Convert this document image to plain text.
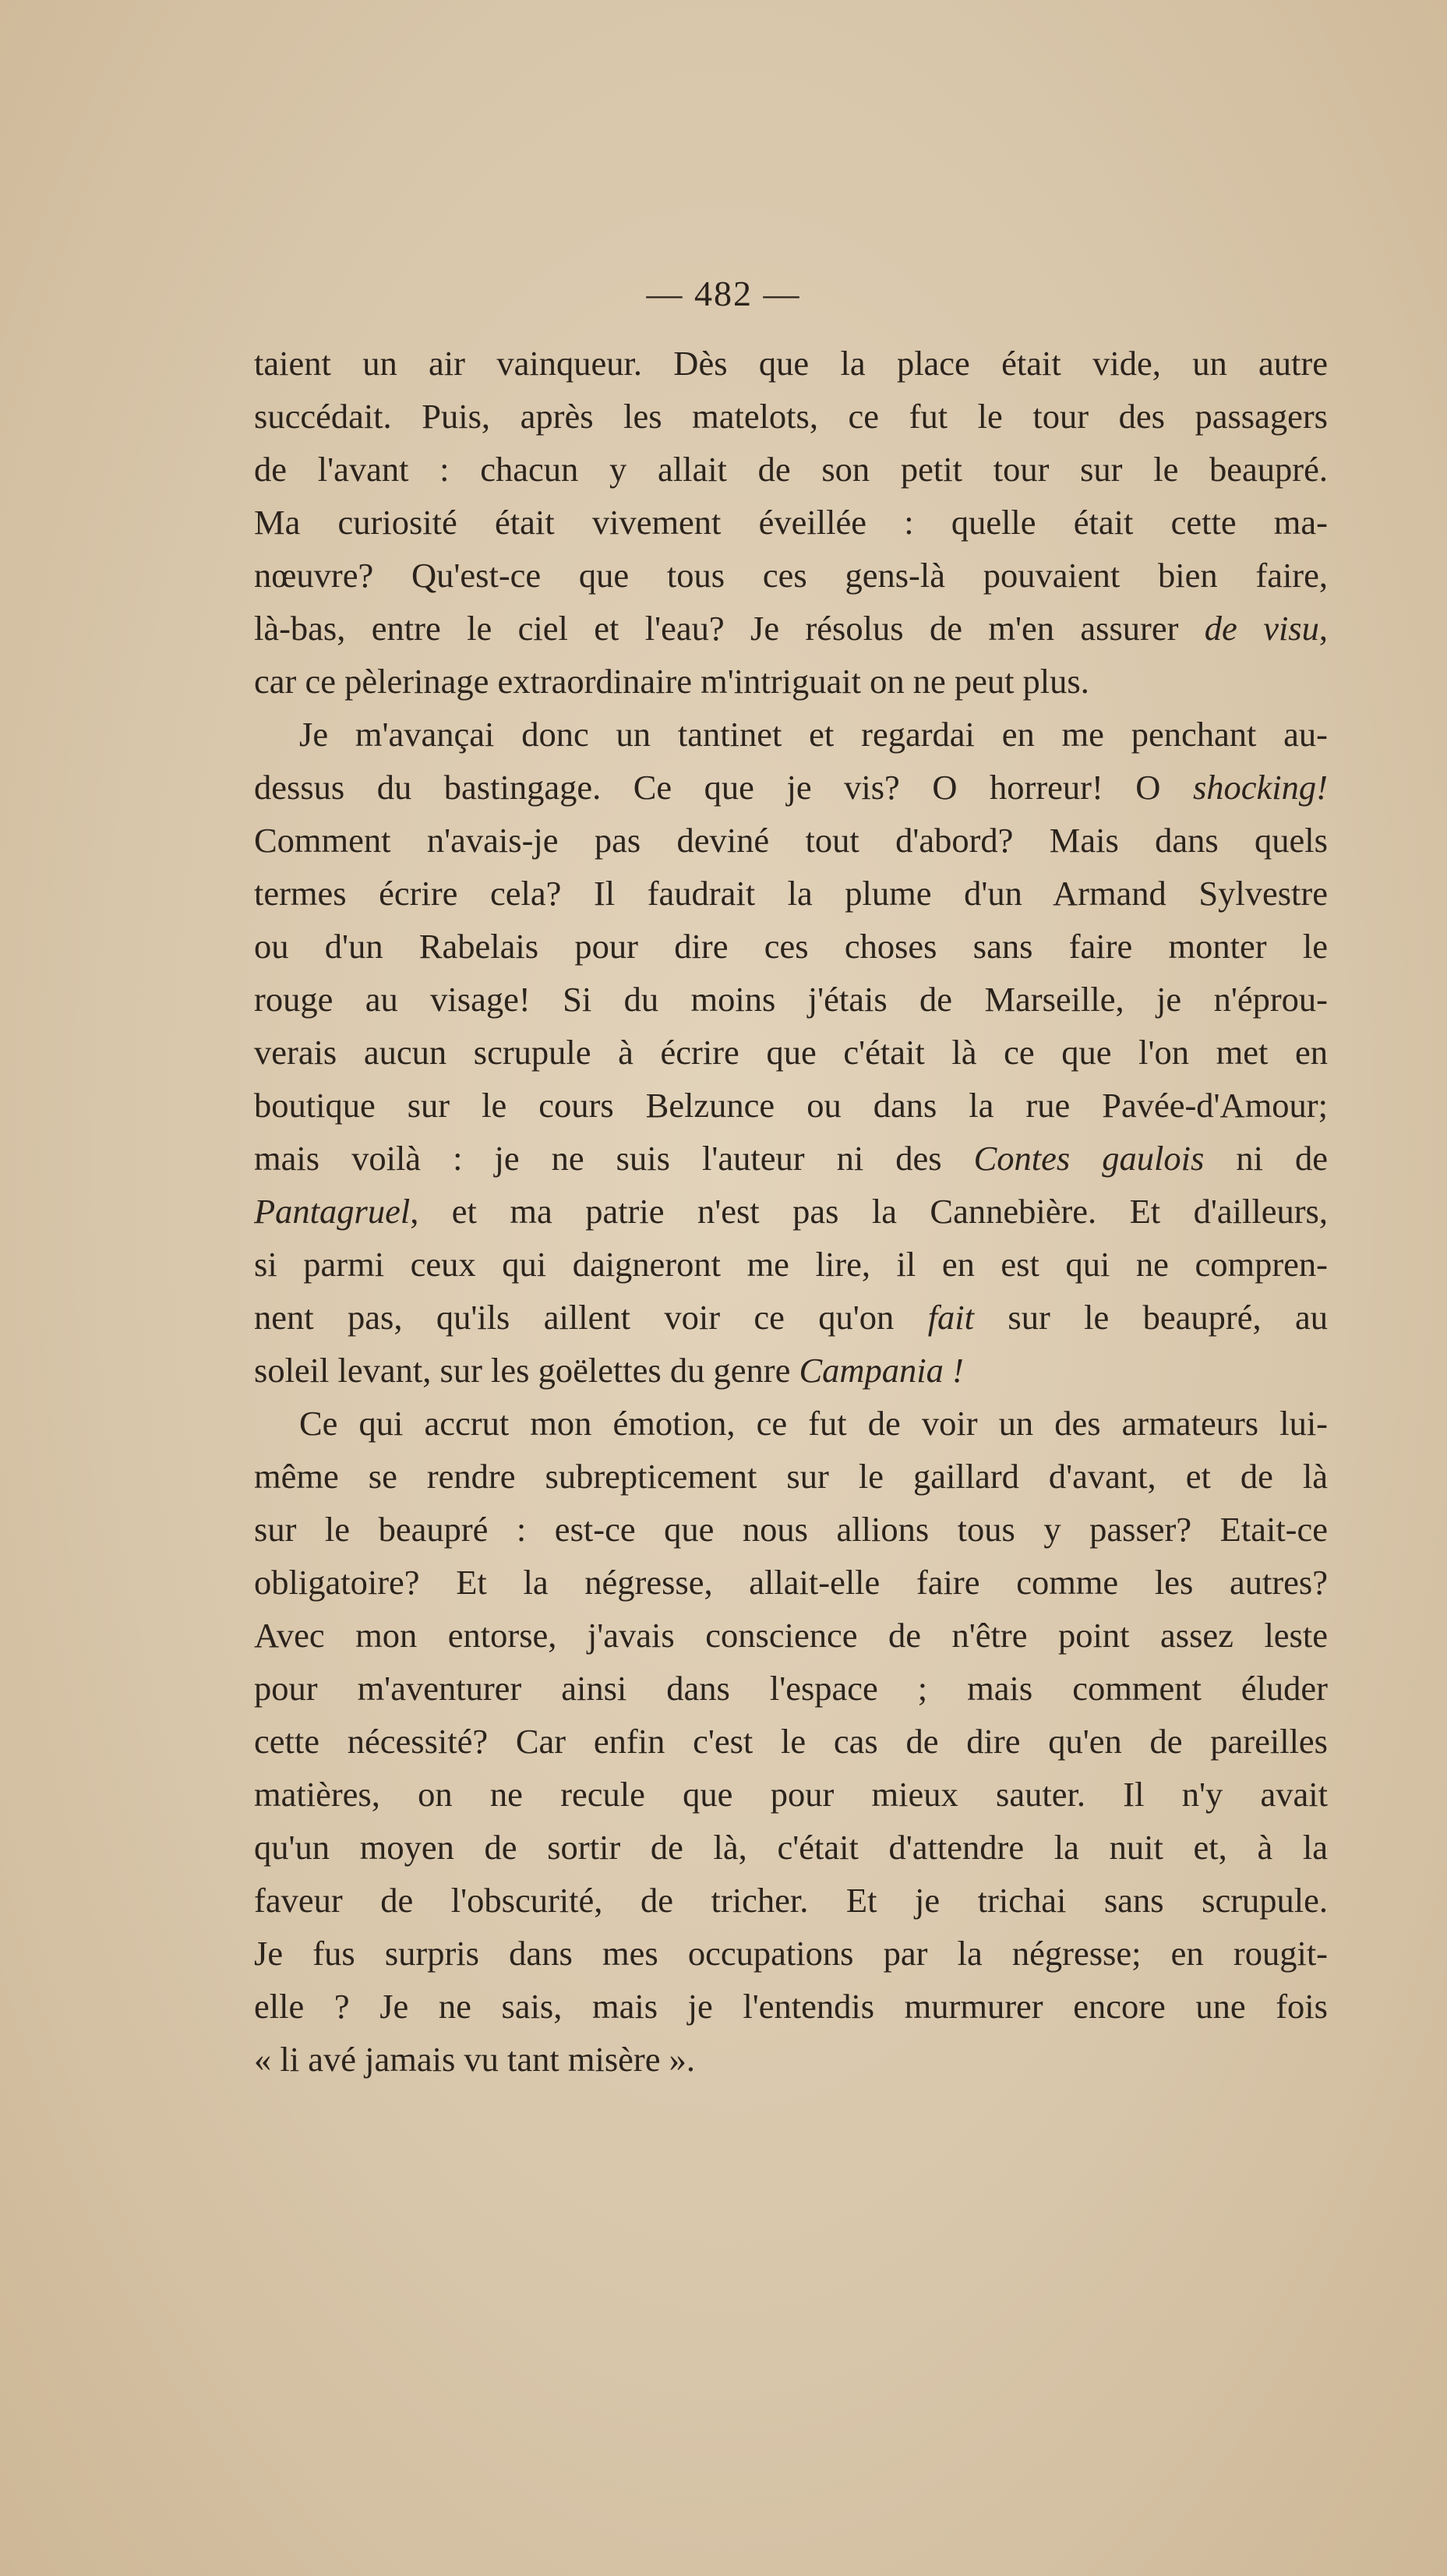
— 482 —
taient un air vainqueur. Dès que la place était vide, un autre
succédait. Puis, après les matelots, ce fut le tour des passagers
de l'avant : chacun y allait de son petit tour sur le beaupré.
Ma curiosité était vivement éveillée : quelle était cette ma-
nœuvre? Qu'est-ce que tous ces gens-là pouvaient bien faire,
là-bas, entre le ciel et l'eau? Je résolus de m'en assurer de visu,
car ce pèlerinage extraordinaire m'intriguait on ne peut plus.
Je m'avançai donc un tantinet et regardai en me penchant au-
dessus du bastingage. Ce que je vis? O horreur! O shocking!
Comment n'avais-je pas deviné tout d'abord? Mais dans quels
termes écrire cela? Il faudrait la plume d'un Armand Sylvestre
ou d'un Rabelais pour dire ces choses sans faire monter le
rouge au visage! Si du moins j'étais de Marseille, je n'éprou-
verais aucun scrupule à écrire que c'était là ce que l'on met en
boutique sur le cours Belzunce ou dans la rue Pavée-d'Amour;
mais voilà : je ne suis l'auteur ni des Contes gaulois ni de
Pantagruel, et ma patrie n'est pas la Cannebière. Et d'ailleurs,
si parmi ceux qui daigneront me lire, il en est qui ne compren-
nent pas, qu'ils aillent voir ce qu'on fait sur le beaupré, au
soleil levant, sur les goëlettes du genre Campania !
Ce qui accrut mon émotion, ce fut de voir un des armateurs lui-
même se rendre subrepticement sur le gaillard d'avant, et de là
sur le beaupré : est-ce que nous allions tous y passer? Etait-ce
obligatoire? Et la négresse, allait-elle faire comme les autres?
Avec mon entorse, j'avais conscience de n'être point assez leste
pour m'aventurer ainsi dans l'espace ; mais comment éluder
cette nécessité? Car enfin c'est le cas de dire qu'en de pareilles
matières, on ne recule que pour mieux sauter. Il n'y avait
qu'un moyen de sortir de là, c'était d'attendre la nuit et, à la
faveur de l'obscurité, de tricher. Et je trichai sans scrupule.
Je fus surpris dans mes occupations par la négresse; en rougit-
elle ? Je ne sais, mais je l'entendis murmurer encore une fois
« li avé jamais vu tant misère ».
